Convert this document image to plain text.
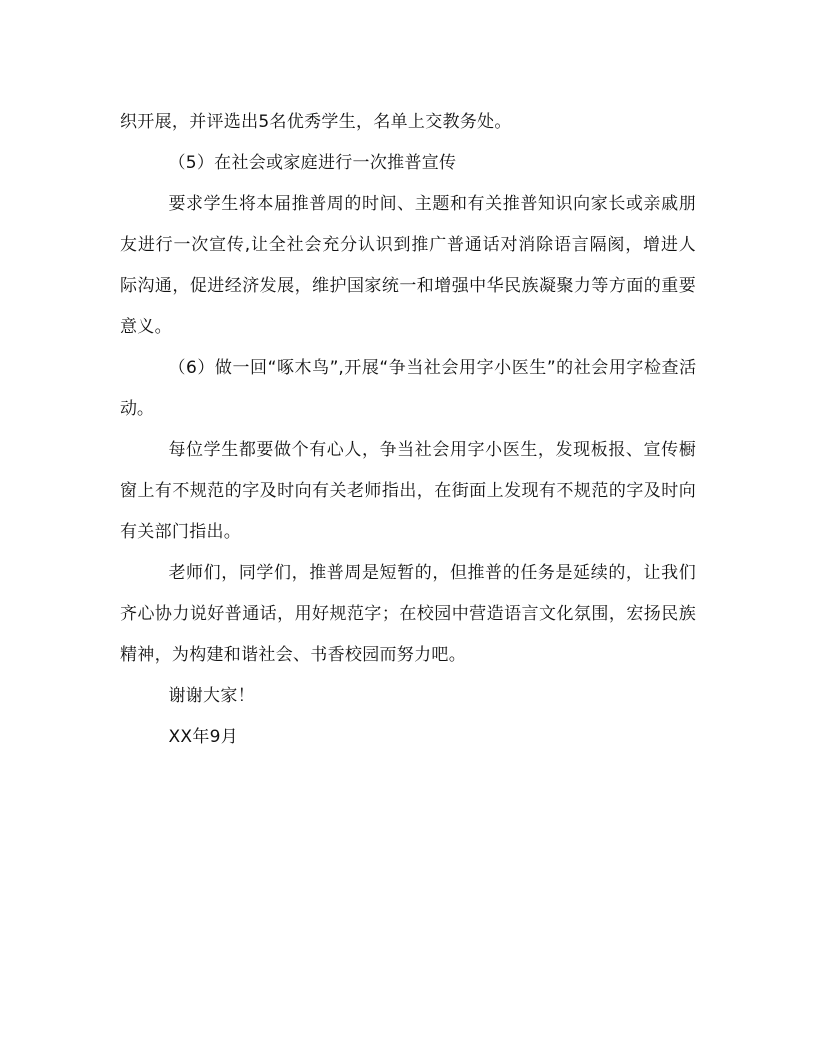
织开展，并评选出5名优秀学生，名单上交教务处。

（5）在社会或家庭进行一次推普宣传

要求学生将本届推普周的时间、主题和有关推普知识向家长或亲戚朋友进行一次宣传,让全社会充分认识到推广普通话对消除语言隔阂，增进人际沟通，促进经济发展，维护国家统一和增强中华民族凝聚力等方面的重要意义。

（6）做一回“啄木鸟”,开展“争当社会用字小医生”的社会用字检查活动。

每位学生都要做个有心人，争当社会用字小医生，发现板报、宣传橱窗上有不规范的字及时向有关老师指出，在街面上发现有不规范的字及时向有关部门指出。

老师们，同学们，推普周是短暂的，但推普的任务是延续的，让我们齐心协力说好普通话，用好规范字；在校园中营造语言文化氛围，宏扬民族精神，为构建和谐社会、书香校园而努力吧。

谢谢大家！

XX年9月
